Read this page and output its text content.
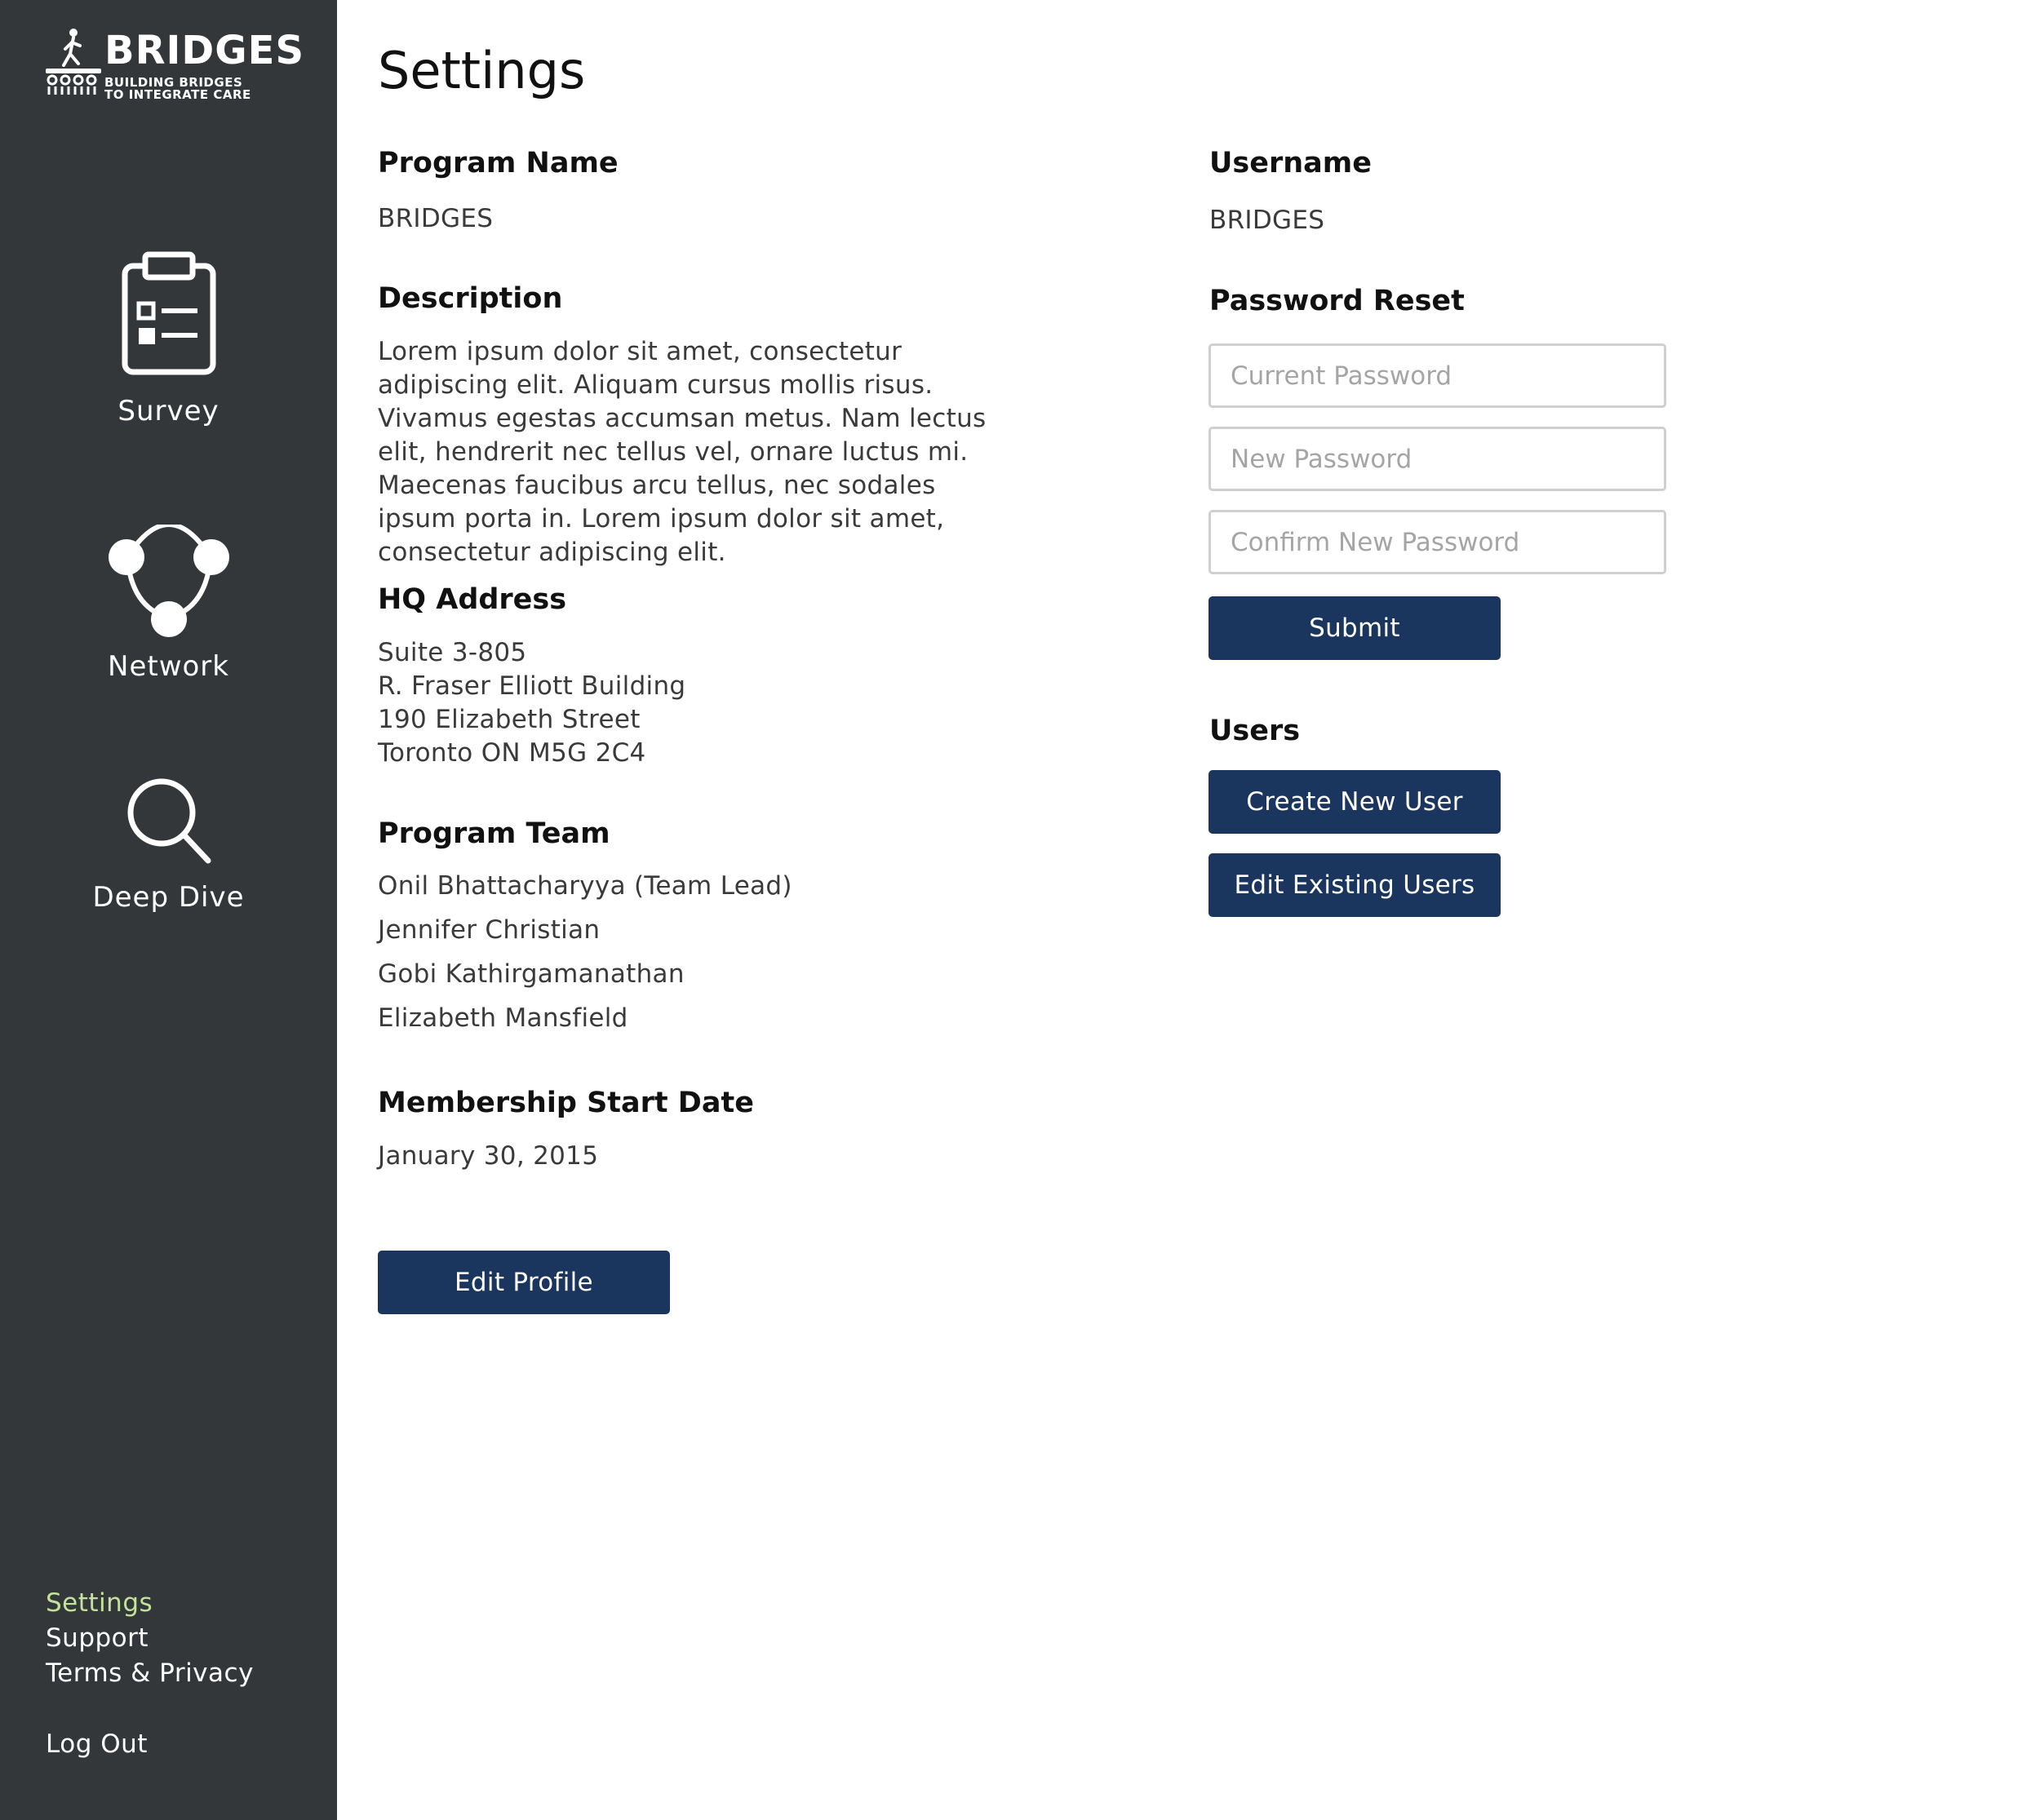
BRIDGES
BUILDING BRIDGES
TO INTEGRATE CARE
Survey
Network
Deep Dive
Settings
Support
Terms & Privacy
Log Out
Settings
Program Name
BRIDGES
Description
Lorem ipsum dolor sit amet, consectetur adipiscing elit. Aliquam cursus mollis risus. Vivamus egestas accumsan metus. Nam lectus elit, hendrerit nec tellus vel, ornare luctus mi. Maecenas faucibus arcu tellus, nec sodales ipsum porta in. Lorem ipsum dolor sit amet, consectetur adipiscing elit.
HQ Address
Suite 3-805
R. Fraser Elliott Building
190 Elizabeth Street
Toronto ON M5G 2C4
Program Team
Onil Bhattacharyya (Team Lead)
Jennifer Christian
Gobi Kathirgamanathan
Elizabeth Mansfield
Membership Start Date
January 30, 2015
Edit Profile
Username
BRIDGES
Password Reset
Submit
Users
Create New User
Edit Existing Users
